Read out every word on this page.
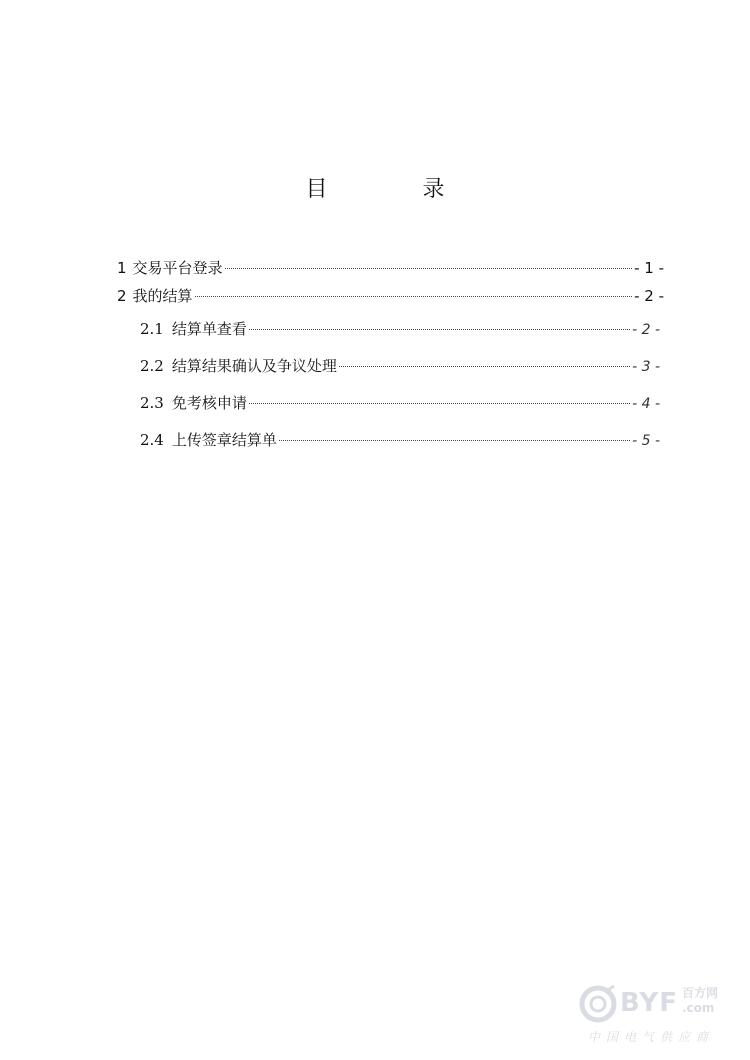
目 录
1 交易平台登录	- 1 -
2 我的结算	- 2 -
2.1 结算单查看	- 2 -
2.2 结算结果确认及争议处理	- 3 -
2.3 免考核申请	- 4 -
2.4 上传签章结算单	- 5 -
BYF 百方网 .com
中国电气供应商
